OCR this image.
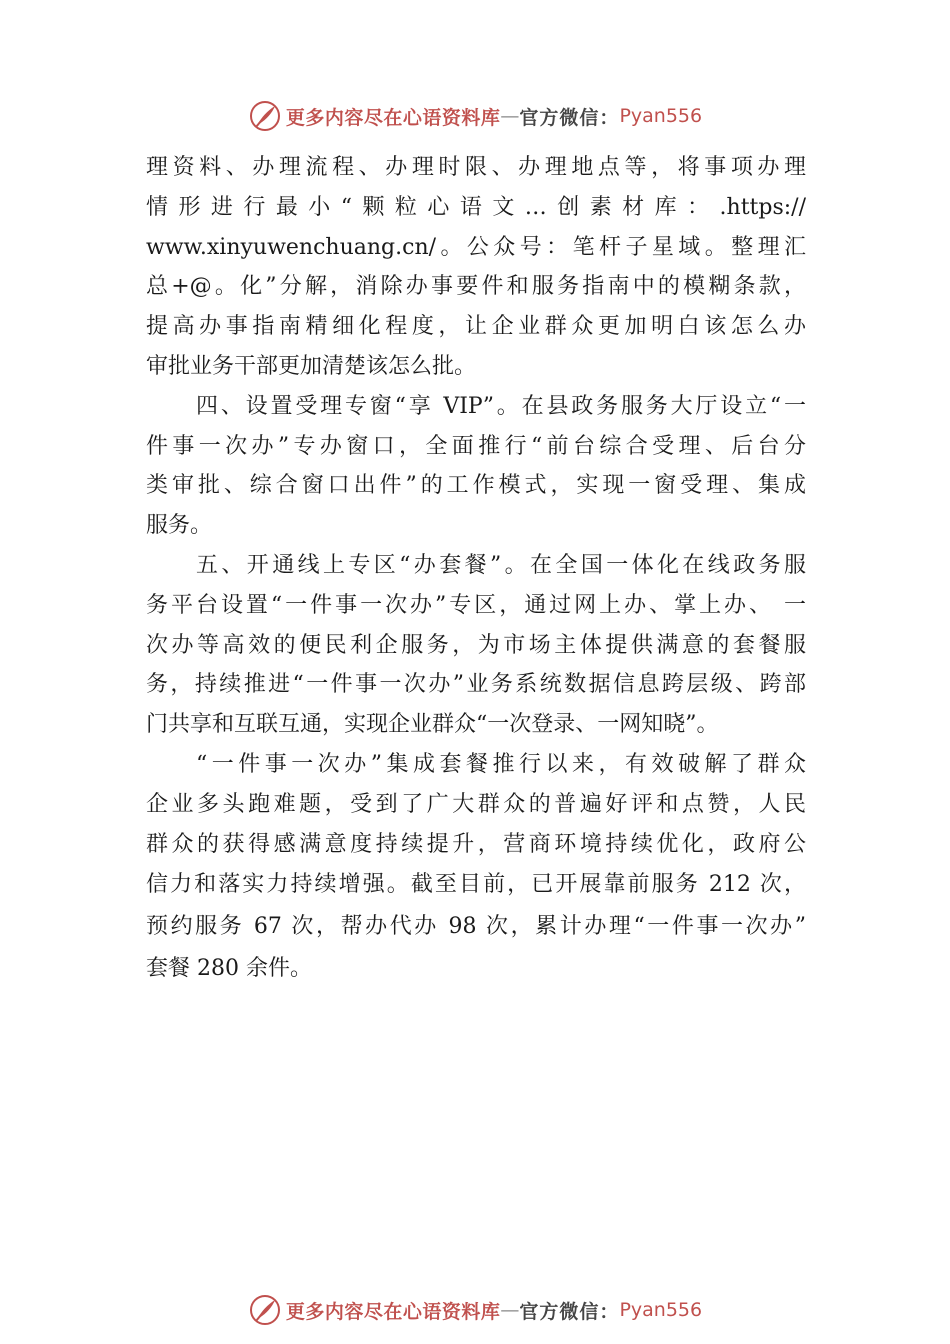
更多内容尽在心语资料库 — 官方微信： Pyan556
理资料、办理流程、办理时限、办理地点等，将事项办理
情形进行最小“颗粒心语文…创素材库：.https://
www.xinyuwenchuang.cn/。公众号：笔杆子星域。整理汇
总+@。化”分解，消除办事要件和服务指南中的模糊条款，
提高办事指南精细化程度，让企业群众更加明白该怎么办
审批业务干部更加清楚该怎么批。
四、设置受理专窗“享 VIP”。在县政务服务大厅设立“一
件事一次办”专办窗口，全面推行“前台综合受理、后台分
类审批、综合窗口出件”的工作模式，实现一窗受理、集成
服务。
五、开通线上专区“办套餐”。在全国一体化在线政务服
务平台设置“一件事一次办”专区，通过网上办、掌上办、 一
次办等高效的便民利企服务，为市场主体提供满意的套餐服
务，持续推进“一件事一次办”业务系统数据信息跨层级、跨部
门共享和互联互通，实现企业群众“一次登录、一网知晓”。
“一件事一次办”集成套餐推行以来，有效破解了群众
企业多头跑难题，受到了广大群众的普遍好评和点赞，人民
群众的获得感满意度持续提升，营商环境持续优化，政府公
信力和落实力持续增强。截至目前，已开展靠前服务 212 次，
预约服务 67 次，帮办代办 98 次，累计办理“一件事一次办”
套餐 280 余件。
更多内容尽在心语资料库 — 官方微信： Pyan556
